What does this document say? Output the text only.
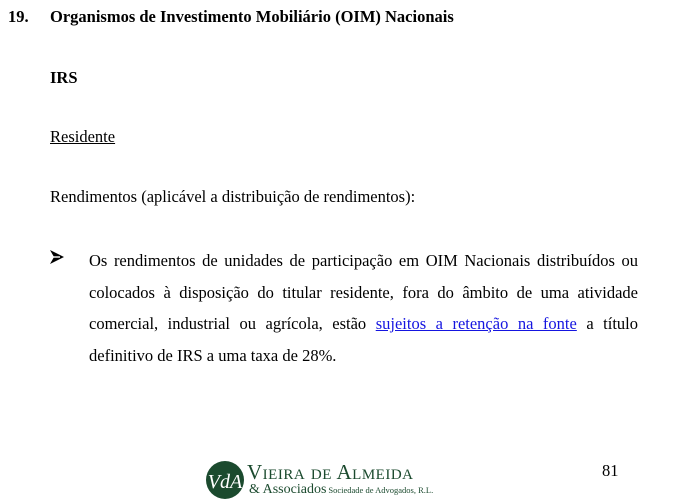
19. Organismos de Investimento Mobiliário (OIM) Nacionais
IRS
Residente
Rendimentos (aplicável a distribuição de rendimentos):
Os rendimentos de unidades de participação em OIM Nacionais distribuídos ou colocados à disposição do titular residente, fora do âmbito de uma atividade comercial, industrial ou agrícola, estão sujeitos a retenção na fonte a título definitivo de IRS a uma taxa de 28%.
VdA Vieira de Almeida
& Associados Sociedade de Advogados, R.L.
81
